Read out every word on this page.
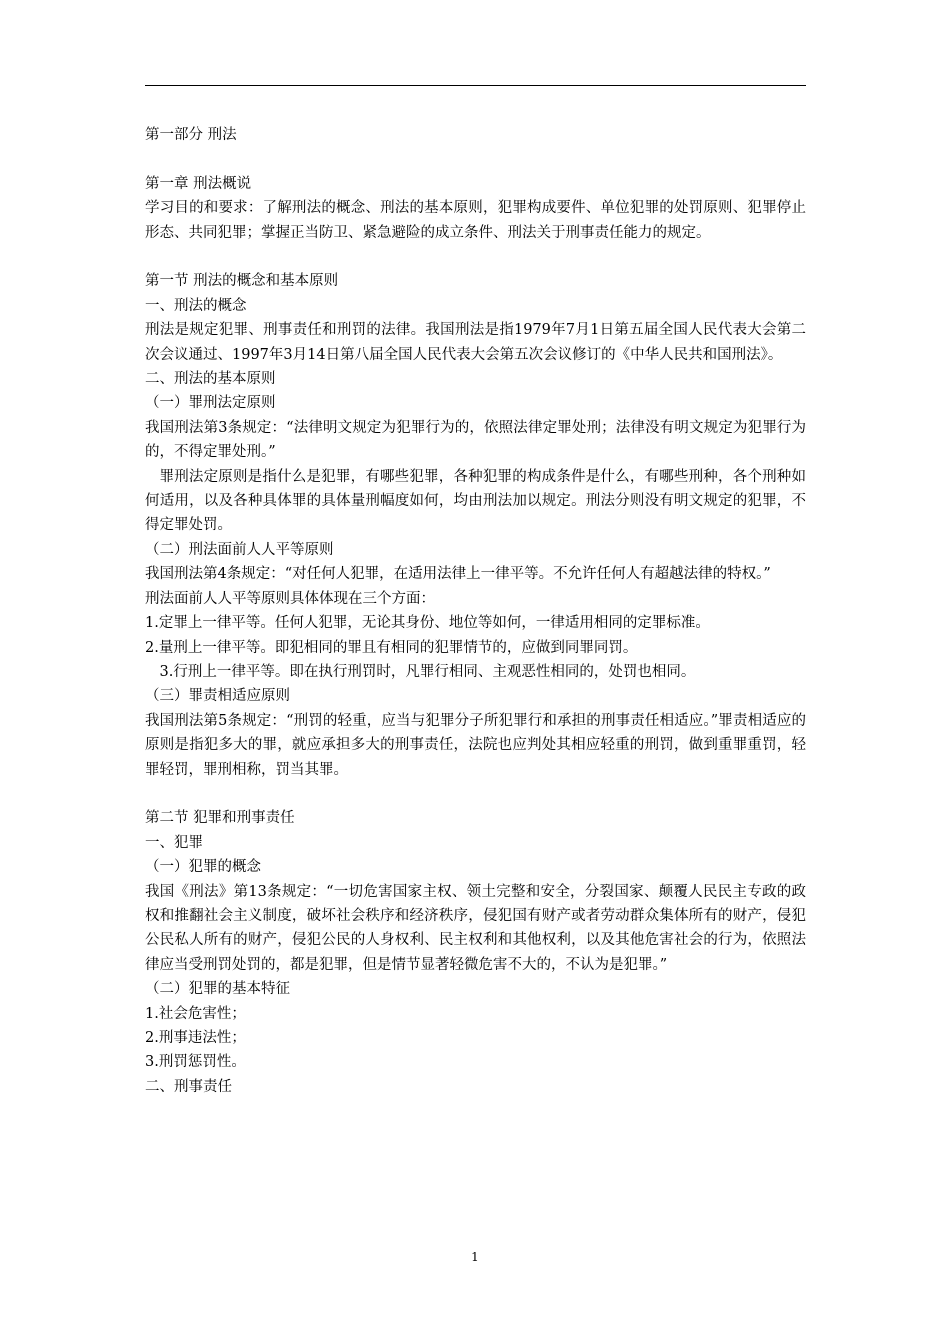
第一部分 刑法

第一章 刑法概说

学习目的和要求：了解刑法的概念、刑法的基本原则，犯罪构成要件、单位犯罪的处罚原则、犯罪停止形态、共同犯罪；掌握正当防卫、紧急避险的成立条件、刑法关于刑事责任能力的规定。

第一节 刑法的概念和基本原则

一、刑法的概念

刑法是规定犯罪、刑事责任和刑罚的法律。我国刑法是指1979年7月1日第五届全国人民代表大会第二次会议通过、1997年3月14日第八届全国人民代表大会第五次会议修订的《中华人民共和国刑法》。

二、刑法的基本原则

（一）罪刑法定原则

我国刑法第3条规定：“法律明文规定为犯罪行为的，依照法律定罪处刑；法律没有明文规定为犯罪行为的，不得定罪处刑。”

罪刑法定原则是指什么是犯罪，有哪些犯罪，各种犯罪的构成条件是什么，有哪些刑种，各个刑种如何适用，以及各种具体罪的具体量刑幅度如何，均由刑法加以规定。刑法分则没有明文规定的犯罪，不得定罪处罚。

（二）刑法面前人人平等原则

我国刑法第4条规定：“对任何人犯罪，在适用法律上一律平等。不允许任何人有超越法律的特权。”

刑法面前人人平等原则具体体现在三个方面：

1.定罪上一律平等。任何人犯罪，无论其身份、地位等如何，一律适用相同的定罪标准。

2.量刑上一律平等。即犯相同的罪且有相同的犯罪情节的，应做到同罪同罚。

3.行刑上一律平等。即在执行刑罚时，凡罪行相同、主观恶性相同的，处罚也相同。

（三）罪责相适应原则

我国刑法第5条规定：“刑罚的轻重，应当与犯罪分子所犯罪行和承担的刑事责任相适应。”罪责相适应的原则是指犯多大的罪，就应承担多大的刑事责任，法院也应判处其相应轻重的刑罚，做到重罪重罚，轻罪轻罚，罪刑相称，罚当其罪。

第二节 犯罪和刑事责任

一、犯罪

（一）犯罪的概念

我国《刑法》第13条规定：“一切危害国家主权、领土完整和安全，分裂国家、颠覆人民民主专政的政权和推翻社会主义制度，破坏社会秩序和经济秩序，侵犯国有财产或者劳动群众集体所有的财产，侵犯公民私人所有的财产，侵犯公民的人身权利、民主权利和其他权利，以及其他危害社会的行为，依照法律应当受刑罚处罚的，都是犯罪，但是情节显著轻微危害不大的，不认为是犯罪。”

（二）犯罪的基本特征

1.社会危害性；

2.刑事违法性；

3.刑罚惩罚性。

二、刑事责任

1
